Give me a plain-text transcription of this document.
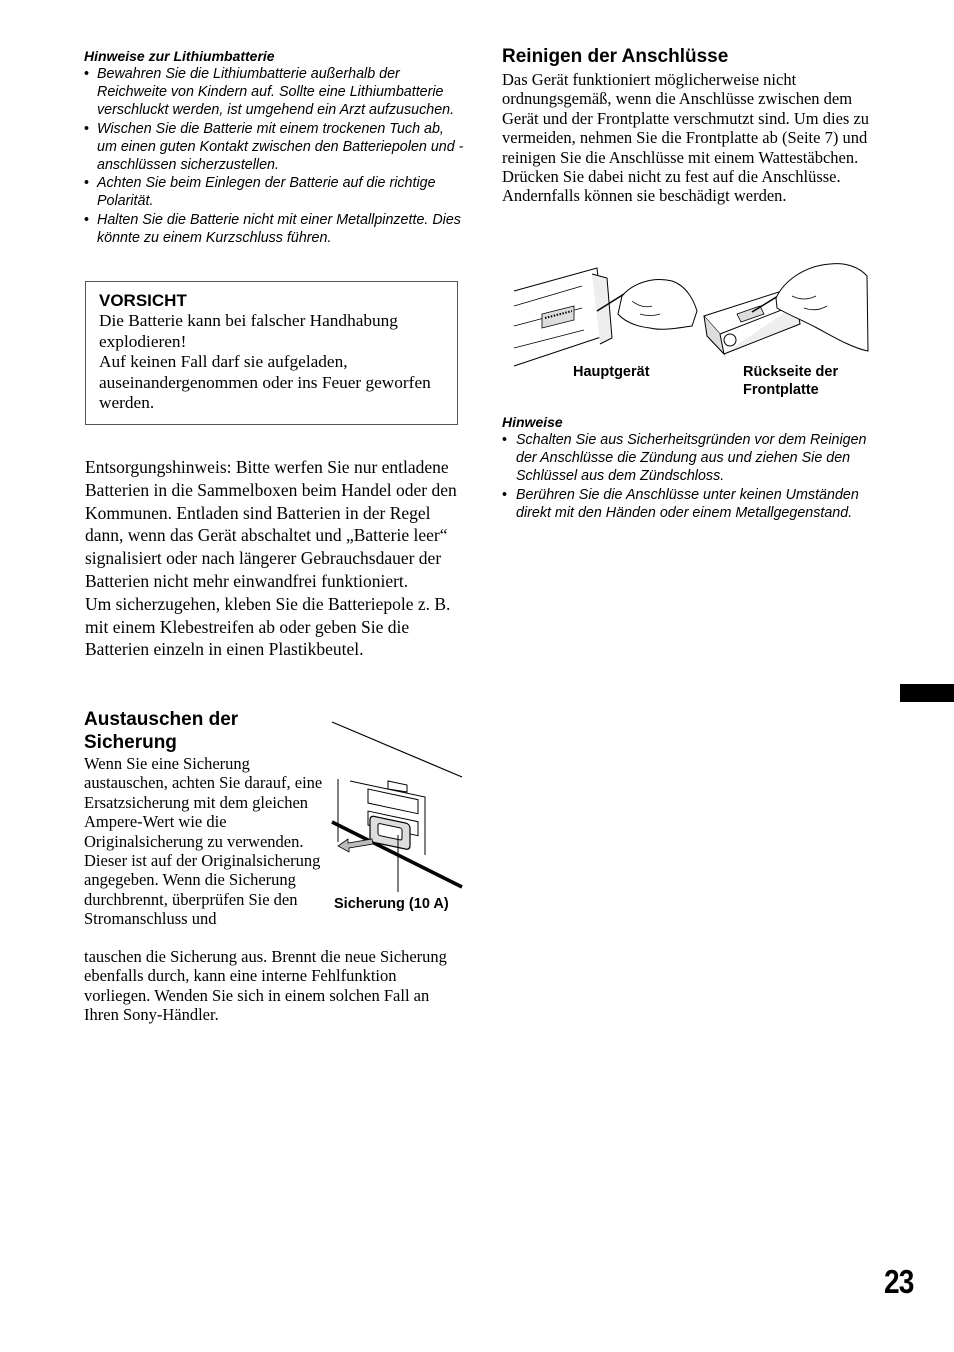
Hinweise zur Lithiumbatterie
• Bewahren Sie die Lithiumbatterie außerhalb der Reichweite von Kindern auf. Sollte eine Lithiumbatterie verschluckt werden, ist umgehend ein Arzt aufzusuchen.
• Wischen Sie die Batterie mit einem trockenen Tuch ab, um einen guten Kontakt zwischen den Batteriepolen und -anschlüssen sicherzustellen.
• Achten Sie beim Einlegen der Batterie auf die richtige Polarität.
• Halten Sie die Batterie nicht mit einer Metallpinzette. Dies könnte zu einem Kurzschluss führen.
VORSICHT

Die Batterie kann bei falscher Handhabung explodieren!

Auf keinen Fall darf sie aufgeladen, auseinandergenommen oder ins Feuer geworfen werden.

Entsorgungshinweis: Bitte werfen Sie nur entladene Batterien in die Sammelboxen beim Handel oder den Kommunen. Entladen sind Batterien in der Regel dann, wenn das Gerät abschaltet und „Batterie leer“ signalisiert oder nach längerer Gebrauchsdauer der Batterien nicht mehr einwandfrei funktioniert.

Um sicherzugehen, kleben Sie die Batteriepole z. B. mit einem Klebestreifen ab oder geben Sie die Batterien einzeln in einen Plastikbeutel.

Austauschen der Sicherung
Wenn Sie eine Sicherung austauschen, achten Sie darauf, eine Ersatzsicherung mit dem gleichen Ampere-Wert wie die Originalsicherung zu verwenden. Dieser ist auf der Originalsicherung angegeben. Wenn die Sicherung durchbrennt, überprüfen Sie den Stromanschluss und
tauschen die Sicherung aus. Brennt die neue Sicherung ebenfalls durch, kann eine interne Fehlfunktion vorliegen. Wenden Sie sich in einem solchen Fall an Ihren Sony-Händler.
Sicherung (10 A)
Reinigen der Anschlüsse
Das Gerät funktioniert möglicherweise nicht ordnungsgemäß, wenn die Anschlüsse zwischen dem Gerät und der Frontplatte verschmutzt sind. Um dies zu vermeiden, nehmen Sie die Frontplatte ab (Seite 7) und reinigen Sie die Anschlüsse mit einem Wattestäbchen. Drücken Sie dabei nicht zu fest auf die Anschlüsse. Andernfalls können sie beschädigt werden.
Hauptgerät	Rückseite der Frontplatte
Hinweise
• Schalten Sie aus Sicherheitsgründen vor dem Reinigen der Anschlüsse die Zündung aus und ziehen Sie den Schlüssel aus dem Zündschloss.
• Berühren Sie die Anschlüsse unter keinen Umständen direkt mit den Händen oder einem Metallgegenstand.
23
